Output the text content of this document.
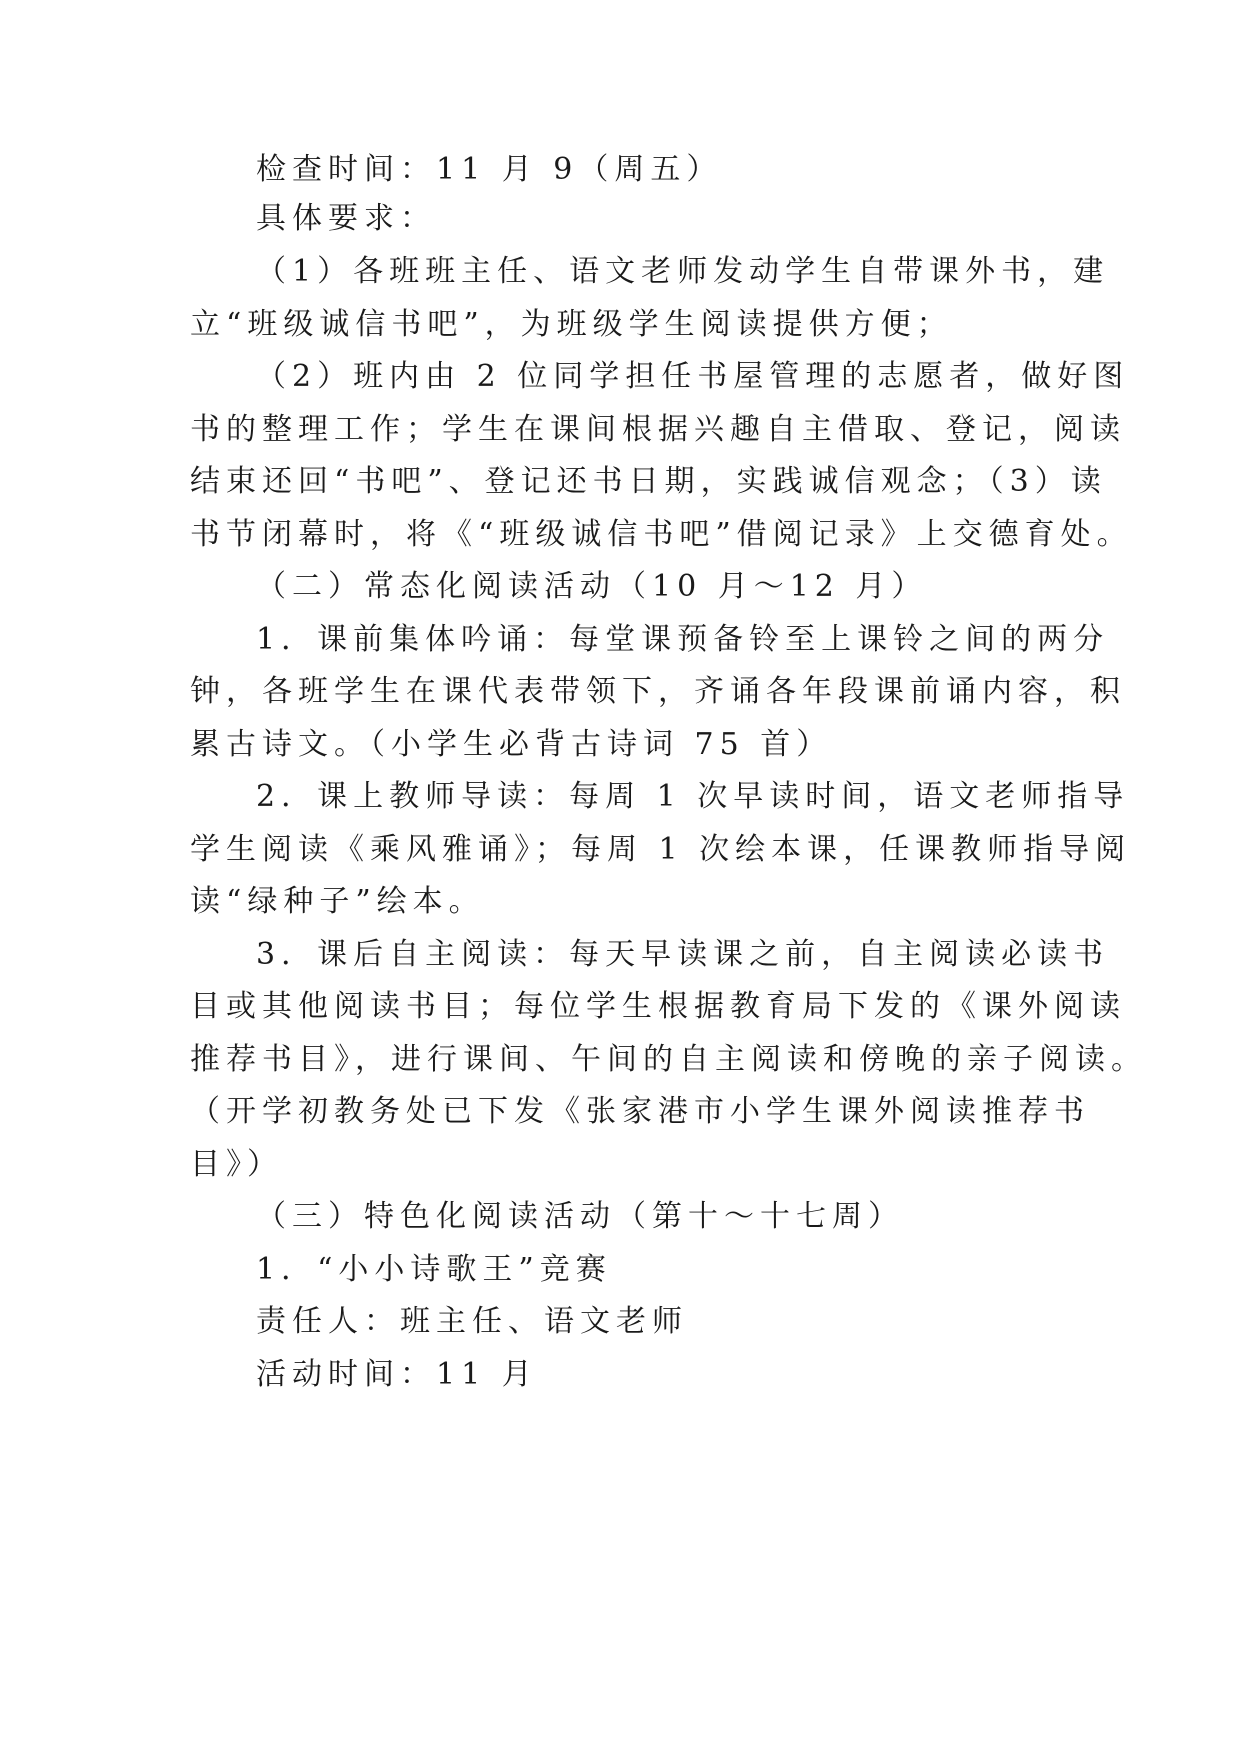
检查时间：11 月 9（周五）
具体要求：
（1）各班班主任、语文老师发动学生自带课外书，建
立“班级诚信书吧”，为班级学生阅读提供方便；
（2）班内由 2 位同学担任书屋管理的志愿者，做好图
书的整理工作；学生在课间根据兴趣自主借取、登记，阅读
结束还回“书吧”、登记还书日期，实践诚信观念；（3）读
书节闭幕时，将《“班级诚信书吧”借阅记录》上交德育处。
（二）常态化阅读活动（10 月～12 月）
1．课前集体吟诵：每堂课预备铃至上课铃之间的两分
钟，各班学生在课代表带领下，齐诵各年段课前诵内容，积
累古诗文。（小学生必背古诗词 75 首）
2．课上教师导读：每周 1 次早读时间，语文老师指导
学生阅读《乘风雅诵》；每周 1 次绘本课，任课教师指导阅
读“绿种子”绘本。
3．课后自主阅读：每天早读课之前，自主阅读必读书
目或其他阅读书目；每位学生根据教育局下发的《课外阅读
推荐书目》，进行课间、午间的自主阅读和傍晚的亲子阅读。
（开学初教务处已下发《张家港市小学生课外阅读推荐书
目》）
（三）特色化阅读活动（第十～十七周）
1．“小小诗歌王”竞赛
责任人：班主任、语文老师
活动时间：11 月
